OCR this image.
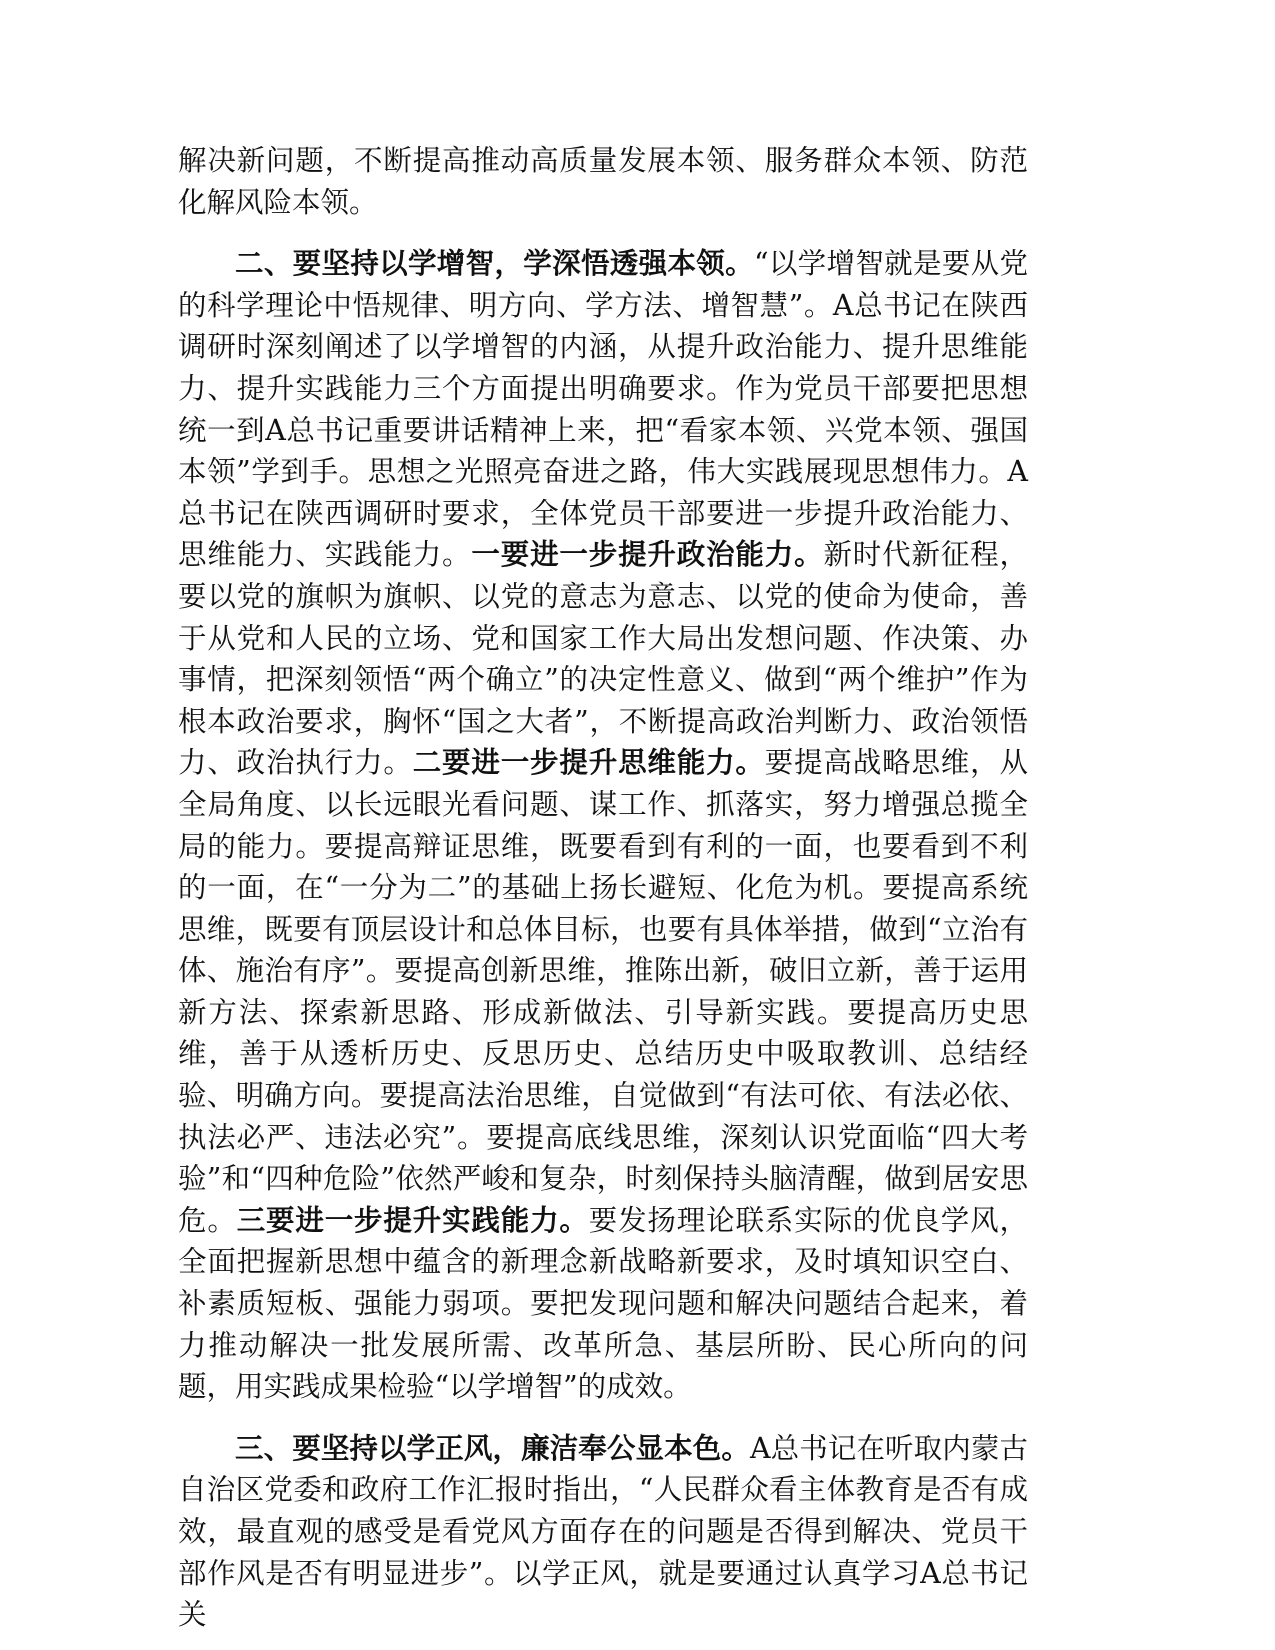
解决新问题，不断提高推动高质量发展本领、服务群众本领、防范化解风险本领。

二、要坚持以学增智，学深悟透强本领。“以学增智就是要从党的科学理论中悟规律、明方向、学方法、增智慧”。A总书记在陕西调研时深刻阐述了以学增智的内涵，从提升政治能力、提升思维能力、提升实践能力三个方面提出明确要求。作为党员干部要把思想统一到A总书记重要讲话精神上来，把“看家本领、兴党本领、强国本领”学到手。思想之光照亮奋进之路，伟大实践展现思想伟力。A总书记在陕西调研时要求，全体党员干部要进一步提升政治能力、思维能力、实践能力。一要进一步提升政治能力。新时代新征程，要以党的旗帜为旗帜、以党的意志为意志、以党的使命为使命，善于从党和人民的立场、党和国家工作大局出发想问题、作决策、办事情，把深刻领悟“两个确立”的决定性意义、做到“两个维护”作为根本政治要求，胸怀“国之大者”，不断提高政治判断力、政治领悟力、政治执行力。二要进一步提升思维能力。要提高战略思维，从全局角度、以长远眼光看问题、谋工作、抓落实，努力增强总揽全局的能力。要提高辩证思维，既要看到有利的一面，也要看到不利的一面，在“一分为二”的基础上扬长避短、化危为机。要提高系统思维，既要有顶层设计和总体目标，也要有具体举措，做到“立治有体、施治有序”。要提高创新思维，推陈出新，破旧立新，善于运用新方法、探索新思路、形成新做法、引导新实践。要提高历史思维，善于从透析历史、反思历史、总结历史中吸取教训、总结经验、明确方向。要提高法治思维，自觉做到“有法可依、有法必依、执法必严、违法必究”。要提高底线思维，深刻认识党面临“四大考验”和“四种危险”依然严峻和复杂，时刻保持头脑清醒，做到居安思危。三要进一步提升实践能力。要发扬理论联系实际的优良学风，全面把握新思想中蕴含的新理念新战略新要求，及时填知识空白、补素质短板、强能力弱项。要把发现问题和解决问题结合起来，着力推动解决一批发展所需、改革所急、基层所盼、民心所向的问题，用实践成果检验“以学增智”的成效。

三、要坚持以学正风，廉洁奉公显本色。A总书记在听取内蒙古自治区党委和政府工作汇报时指出，“人民群众看主体教育是否有成效，最直观的感受是看党风方面存在的问题是否得到解决、党员干部作风是否有明显进步”。以学正风，就是要通过认真学习A总书记关
